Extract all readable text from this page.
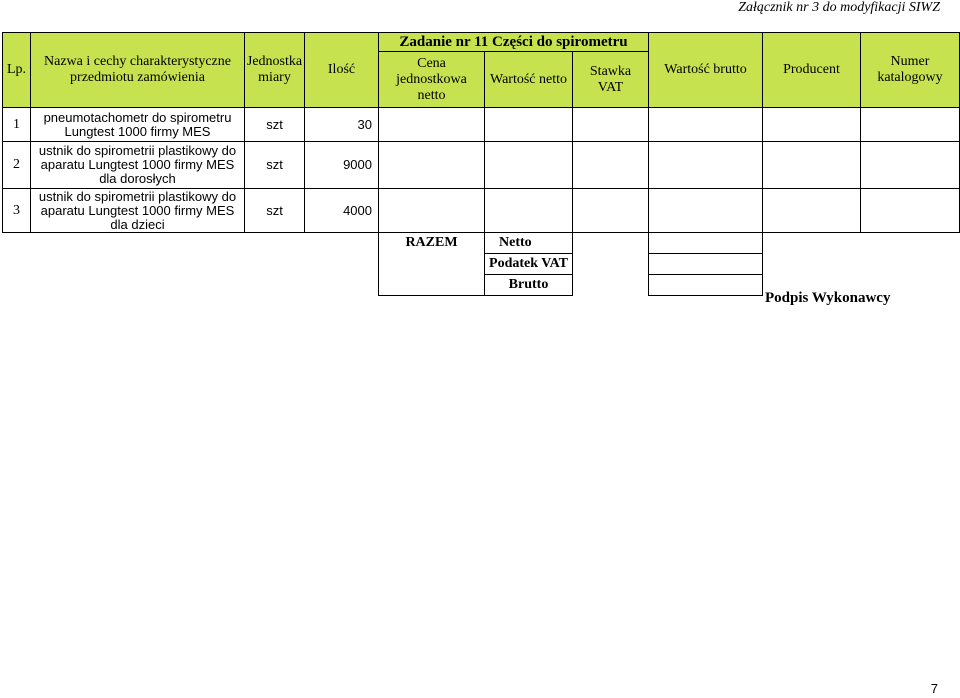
Załącznik nr 3 do modyfikacji SIWZ
Lp.	Nazwa i cechy charakterystyczne przedmiotu zamówienia	Jednostka miary	Ilość	Zadanie nr 11 Części do spirometru			Wartość brutto	Producent	Numer katalogowy
				Cena jednostkowa netto	Wartość netto	Stawka VAT			
1	pneumotachometr do spirometru Lungtest 1000 firmy MES	szt	30						
2	ustnik do spirometrii plastikowy do aparatu Lungtest 1000 firmy MES dla dorosłych	szt	9000						
3	ustnik do spirometrii plastikowy do aparatu Lungtest 1000 firmy MES dla dzieci	szt	4000						
				RAZEM	Netto				
					Podatek VAT				
					Brutto				
Podpis Wykonawcy
7
